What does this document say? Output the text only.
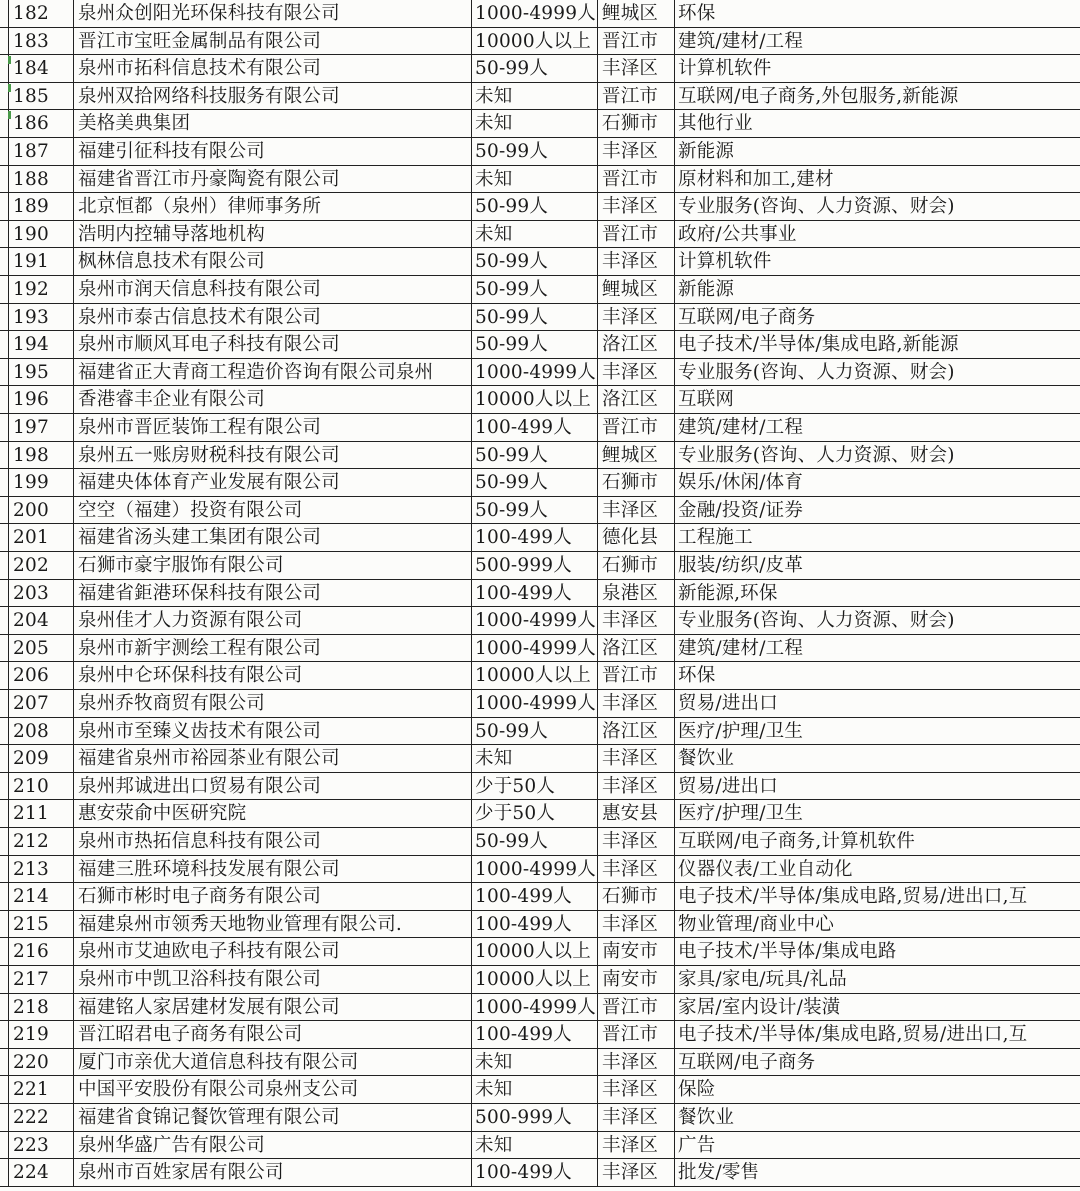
182	泉州众创阳光环保科技有限公司	1000-4999人 鲤城区	环保
183	晋江市宝旺金属制品有限公司	10000人以上 晋江市	建筑/建材/工程
184	泉州市拓科信息技术有限公司	50-99人	丰泽区	计算机软件
185	泉州双拾网络科技服务有限公司	未知	晋江市	互联网/电子商务,外包服务,新能源
186	美格美典集团	未知	石狮市	其他行业
187	福建引征科技有限公司	50-99人	丰泽区	新能源
188	福建省晋江市丹豪陶瓷有限公司	未知	晋江市	原材料和加工,建材
189	北京恒都（泉州）律师事务所	50-99人	丰泽区	专业服务(咨询、人力资源、财会)
190	浩明内控辅导落地机构	未知	晋江市	政府/公共事业
191	枫林信息技术有限公司	50-99人	丰泽区	计算机软件
192	泉州市润天信息科技有限公司	50-99人	鲤城区	新能源
193	泉州市泰古信息技术有限公司	50-99人	丰泽区	互联网/电子商务
194	泉州市顺风耳电子科技有限公司	50-99人	洛江区	电子技术/半导体/集成电路,新能源
195	福建省正大青商工程造价咨询有限公司泉州	1000-4999人 丰泽区	专业服务(咨询、人力资源、财会)
196	香港睿丰企业有限公司	10000人以上 洛江区	互联网
197	泉州市晋匠装饰工程有限公司	100-499人	晋江市	建筑/建材/工程
198	泉州五一账房财税科技有限公司	50-99人	鲤城区	专业服务(咨询、人力资源、财会)
199	福建央体体育产业发展有限公司	50-99人	石狮市	娱乐/休闲/体育
200	空空（福建）投资有限公司	50-99人	丰泽区	金融/投资/证券
201	福建省汤头建工集团有限公司	100-499人	德化县	工程施工
202	石狮市豪宇服饰有限公司	500-999人	石狮市	服装/纺织/皮革
203	福建省鉅港环保科技有限公司	100-499人	泉港区	新能源,环保
204	泉州佳才人力资源有限公司	1000-4999人 丰泽区	专业服务(咨询、人力资源、财会)
205	泉州市新宇测绘工程有限公司	1000-4999人 洛江区	建筑/建材/工程
206	泉州中仑环保科技有限公司	10000人以上 晋江市	环保
207	泉州乔牧商贸有限公司	1000-4999人 丰泽区	贸易/进出口
208	泉州市至臻义齿技术有限公司	50-99人	洛江区	医疗/护理/卫生
209	福建省泉州市裕园茶业有限公司	未知	丰泽区	餐饮业
210	泉州邦诚进出口贸易有限公司	少于50人	丰泽区	贸易/进出口
211	惠安荥俞中医研究院	少于50人	惠安县	医疗/护理/卫生
212	泉州市热拓信息科技有限公司	50-99人	丰泽区	互联网/电子商务,计算机软件
213	福建三胜环境科技发展有限公司	1000-4999人 丰泽区	仪器仪表/工业自动化
214	石狮市彬时电子商务有限公司	100-499人	石狮市	电子技术/半导体/集成电路,贸易/进出口,互
215	福建泉州市领秀天地物业管理有限公司.	100-499人	丰泽区	物业管理/商业中心
216	泉州市艾迪欧电子科技有限公司	10000人以上 南安市	电子技术/半导体/集成电路
217	泉州市中凯卫浴科技有限公司	10000人以上 南安市	家具/家电/玩具/礼品
218	福建铭人家居建材发展有限公司	1000-4999人 晋江市	家居/室内设计/装潢
219	晋江昭君电子商务有限公司	100-499人	晋江市	电子技术/半导体/集成电路,贸易/进出口,互
220	厦门市亲优大道信息科技有限公司	未知	丰泽区	互联网/电子商务
221	中国平安股份有限公司泉州支公司	未知	丰泽区	保险
222	福建省食锦记餐饮管理有限公司	500-999人	丰泽区	餐饮业
223	泉州华盛广告有限公司	未知	丰泽区	广告
224	泉州市百姓家居有限公司	100-499人	丰泽区	批发/零售
